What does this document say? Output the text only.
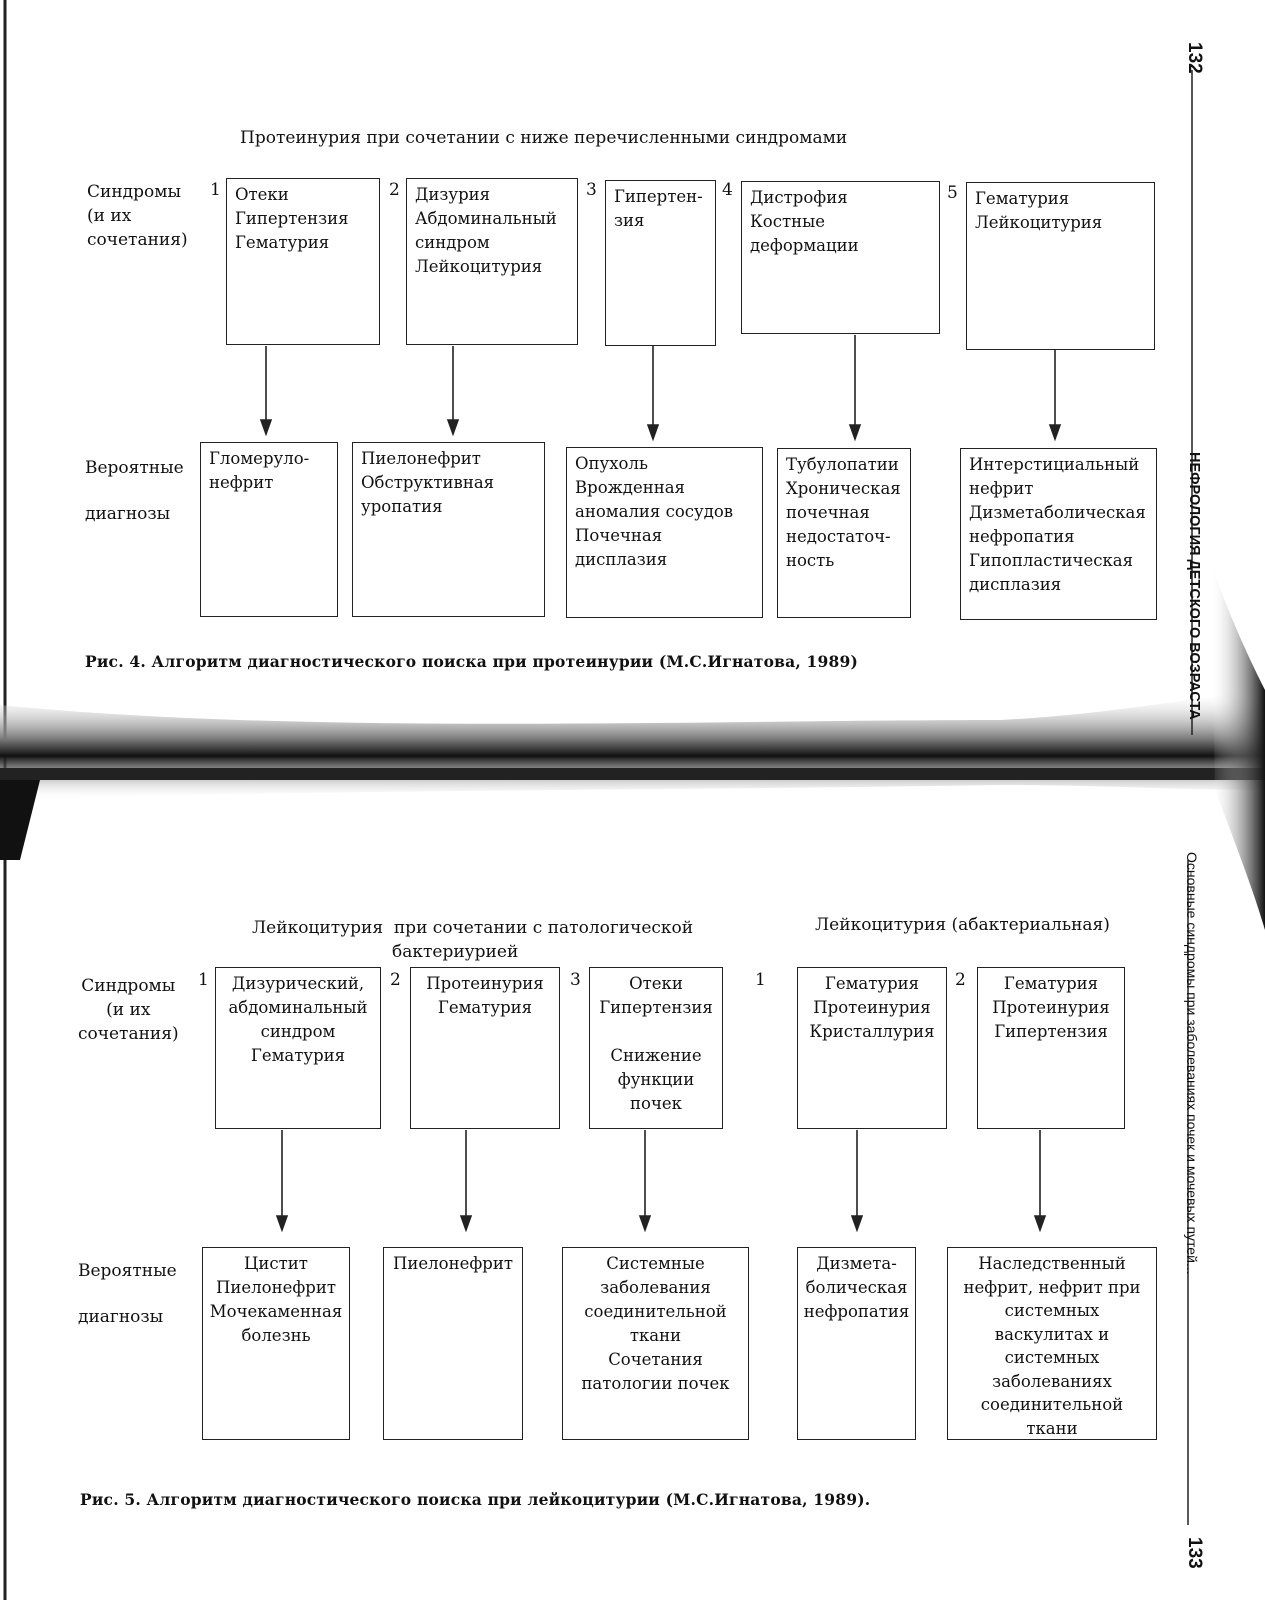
132
НЕФРОЛОГИЯ ДЕТСКОГО ВОЗРАСТА
Протеинурия при сочетании с ниже перечисленными синдромами
Синдромы
(и их
сочетания)
Вероятные
диагнозы
1	2	3	4	5
Отеки
Гипертензия
Гематурия
Дизурия
Абдоминальный
синдром
Лейкоцитурия
Гипертен-
зия
Дистрофия
Костные
деформации
Гематурия
Лейкоцитурия
Гломеруло-
нефрит
Пиелонефрит
Обструктивная
уропатия
Опухоль
Врожденная
аномалия сосудов
Почечная
дисплазия
Тубулопатии
Хроническая
почечная
недостаточ-
ность
Интерстициальный
нефрит
Дизметаболическая
нефропатия
Гипопластическая
дисплазия
Рис. 4. Алгоритм диагностического поиска при протеинурии (М.С.Игнатова, 1989)
Основные синдромы при заболеваниях почек и мочевых путей...
133
Лейкоцитурия  при сочетании с патологической
бактериурией
Лейкоцитурия (абактериальная)
Синдромы
(и их
сочетания)
Вероятные
диагнозы
1	2	3	1	2
Дизурический,
абдоминальный
синдром
Гематурия
Протеинурия
Гематурия
Отеки
Гипертензия
Снижение
функции
почек
Гематурия
Протеинурия
Кристаллурия
Гематурия
Протеинурия
Гипертензия
Цистит
Пиелонефрит
Мочекаменная
болезнь
Пиелонефрит	Системные
заболевания
соединительной
ткани
Сочетания
патологии почек
Дизмета-
болическая
нефропатия
Наследственный
нефрит, нефрит при
системных
васкулитах и
системных
заболеваниях
соединительной
ткани
Рис. 5. Алгоритм диагностического поиска при лейкоцитурии (М.С.Игнатова, 1989).
